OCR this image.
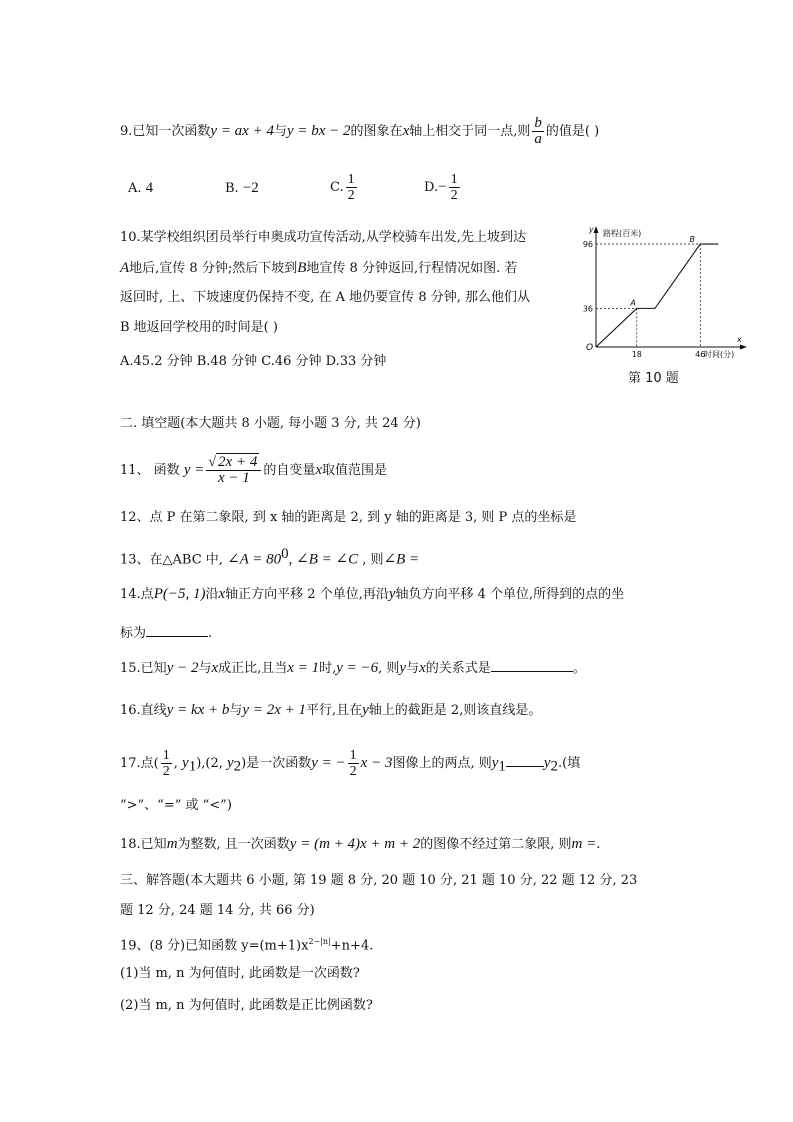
9.已知一次函数y = ax + 4与y = bx − 2的图象在x轴上相交于同一点,则 $\frac{b}{a}$ 的值是( )
A. 4	B. −2	C. $\frac{1}{2}$	$D.- \frac{1}{2}$
10.某学校组织团员举行申奥成功宣传活动,从学校骑车出发,先上坡到达
A地后,宣传 8 分钟;然后下坡到B地宣传 8 分钟返回,行程情况如图. 若
返回时, 上、下坡速度仍保持不变, 在 A 地仍要宣传 8 分钟, 那么他们从
B 地返回学校用的时间是( )
A.45.2 分钟 B.48 分钟 C.46 分钟 D.33 分钟	18	46
36
96
A
B
y 路程(百米)
x
时间(分)
O
第 10 题
二. 填空题(本大题共 8 小题, 每小题 3 分, 共 24 分)
11、 函数 $y = \frac{√ 2x + 4}{x - 1}$ 的自变量x取值范围是
12、点 P 在第二象限, 到 x 轴的距离是 2, 到 y 轴的距离是 3, 则 P 点的坐标是
13、在△ABC 中, ∠A = $80^0$, ∠B = ∠C , 则∠B =
14.点P(−5, 1)沿x轴正方向平移 2 个单位,再沿y轴负方向平移 4 个单位,所得到的点的坐
标为	.
15.已知y − 2与x成正比,且当x = 1时,y = −6, 则y与x的关系式是	。
16.直线y = kx + b与y = 2x + 1平行,且在y轴上的截距是 2,则该直线是。
17.点( $\frac{1}{2}$ , $y_1),(2$, $y_2$)是一次函数y = − $\frac{1}{2}$ x − 3图像上的两点, 则$y_1$	$y_2$.(填
“>”、“=” 或 “<”)
18.已知m为整数, 且一次函数y = (m + 4)x + m + 2的图像不经过第二象限, 则m =.
三、解答题(本大题共 6 小题, 第 19 题 8 分, 20 题 10 分, 21 题 10 分, 22 题 12 分, 23
题 12 分, 24 题 14 分, 共 66 分)
19、(8 分)已知函数 $y=(m+1)x^{2-|n|}+n+4$.
(1)当 m, n 为何值时, 此函数是一次函数?
(2)当 m, n 为何值时, 此函数是正比例函数?
